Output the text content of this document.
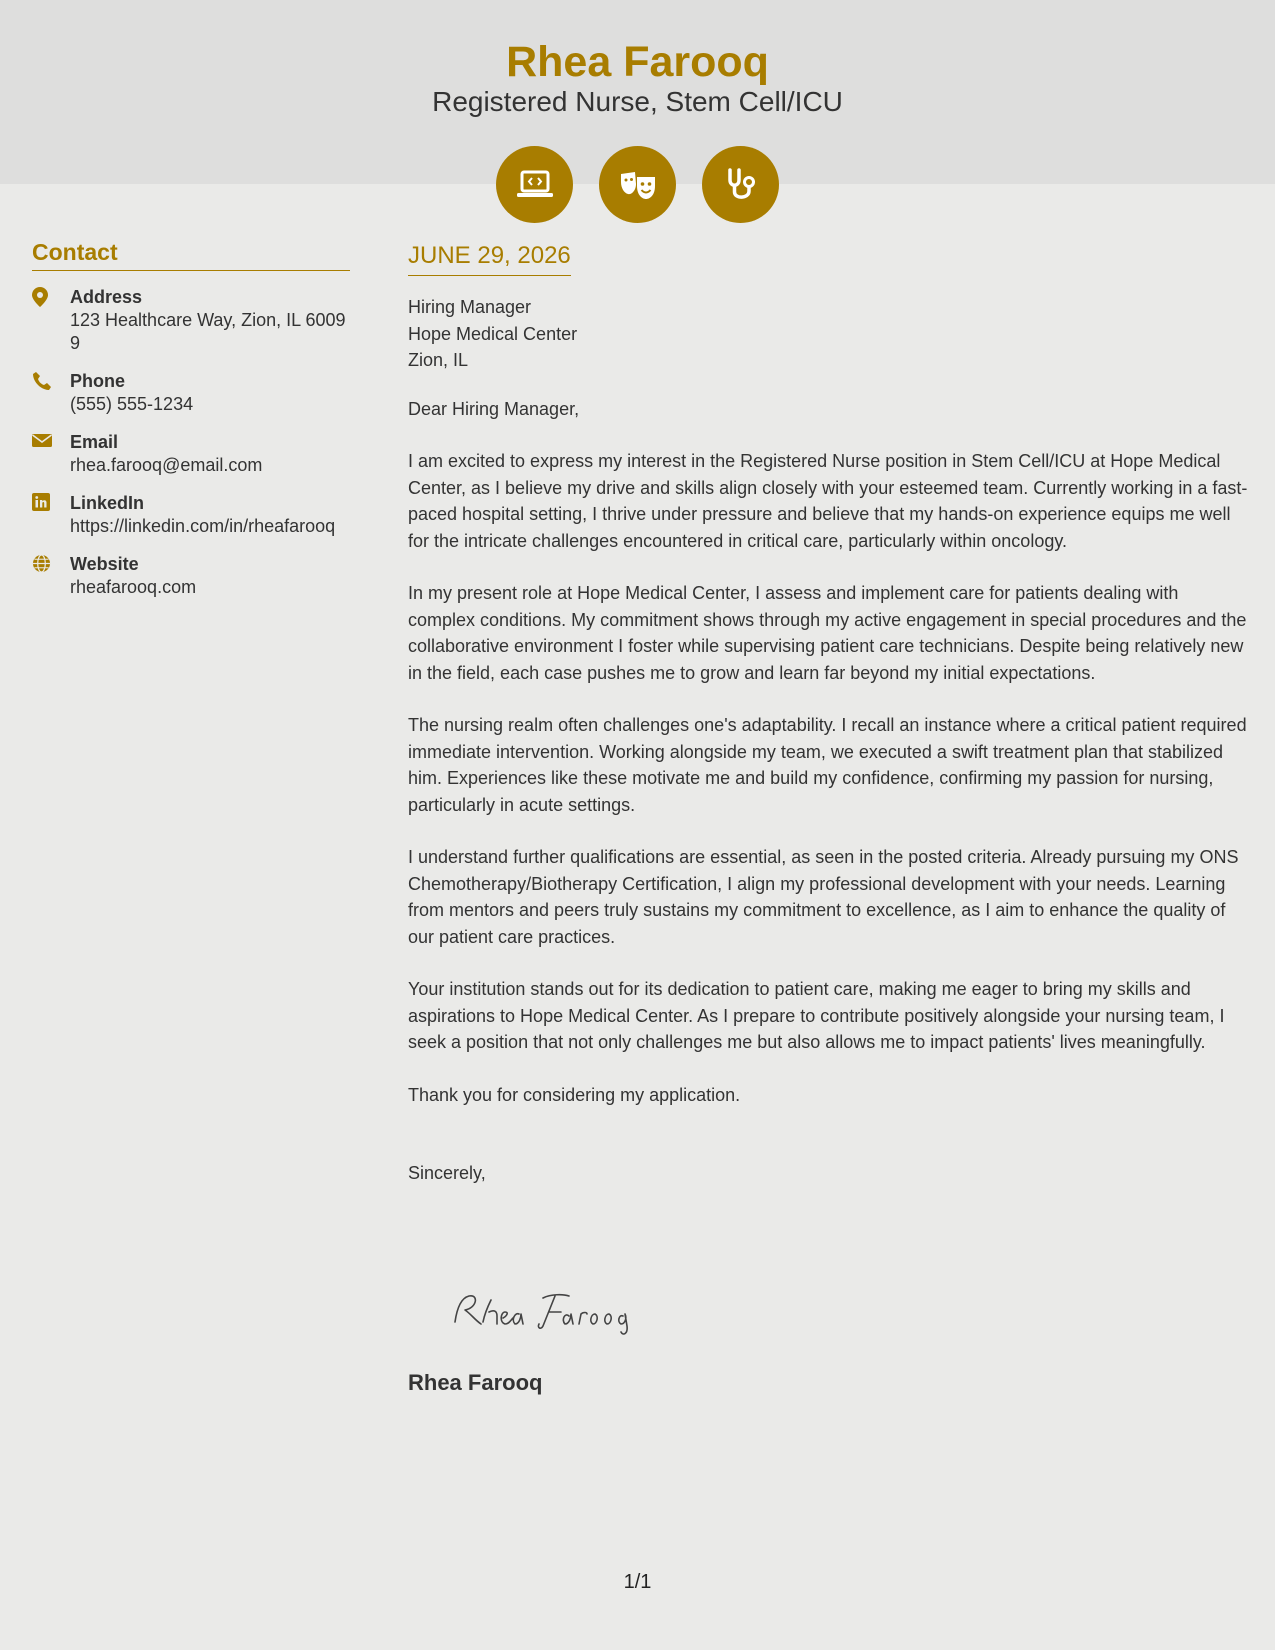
Rhea Farooq
Registered Nurse, Stem Cell/ICU
Contact
Address
123 Healthcare Way, Zion, IL 60099
Phone
(555) 555-1234
Email
rhea.farooq@email.com
LinkedIn
https://linkedin.com/in/rheafarooq
Website
rheafarooq.com
JUNE 29, 2026
Hiring Manager
Hope Medical Center
Zion, IL

Dear Hiring Manager,

I am excited to express my interest in the Registered Nurse position in Stem Cell/ICU at Hope Medical Center, as I believe my drive and skills align closely with your esteemed team. Currently working in a fast-paced hospital setting, I thrive under pressure and believe that my hands-on experience equips me well for the intricate challenges encountered in critical care, particularly within oncology.

In my present role at Hope Medical Center, I assess and implement care for patients dealing with complex conditions. My commitment shows through my active engagement in special procedures and the collaborative environment I foster while supervising patient care technicians. Despite being relatively new in the field, each case pushes me to grow and learn far beyond my initial expectations.

The nursing realm often challenges one's adaptability. I recall an instance where a critical patient required immediate intervention. Working alongside my team, we executed a swift treatment plan that stabilized him. Experiences like these motivate me and build my confidence, confirming my passion for nursing, particularly in acute settings.

I understand further qualifications are essential, as seen in the posted criteria. Already pursuing my ONS Chemotherapy/Biotherapy Certification, I align my professional development with your needs. Learning from mentors and peers truly sustains my commitment to excellence, as I aim to enhance the quality of our patient care practices.

Your institution stands out for its dedication to patient care, making me eager to bring my skills and aspirations to Hope Medical Center. As I prepare to contribute positively alongside your nursing team, I seek a position that not only challenges me but also allows me to impact patients' lives meaningfully.

Thank you for considering my application.

Sincerely,

Rhea Farooq
1/1
